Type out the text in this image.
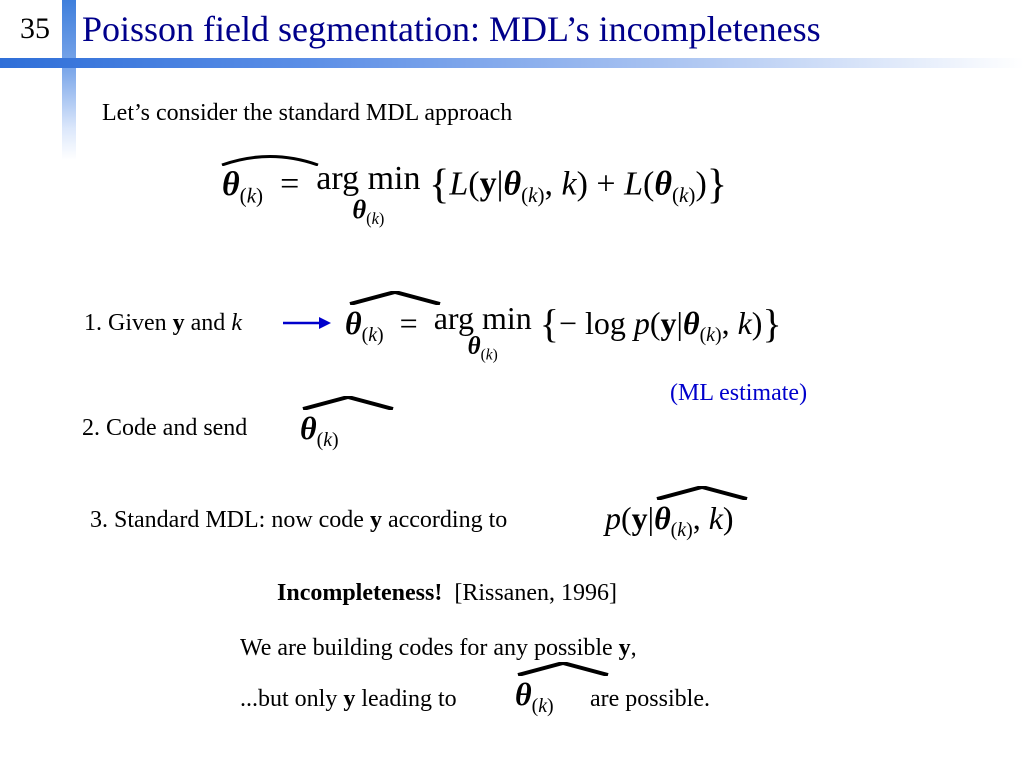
35 Poisson field segmentation: MDL’s incompleteness
Let’s consider the standard MDL approach
$\theta_{(k)}$  =  arg min
$\theta_{(k)}$
{$L(y|\theta_{(k)}$, $k) + L(\theta_{(k)})$}
1. Given y and k	$\theta_{(k)}$  =  arg min
$\theta_{(k)}$
{− $\log p(y|\theta_{(k)}$, k)}
(ML estimate)
2. Code and send $\theta_{(k)}$
3. Standard MDL: now code y according to	p(y|
$\theta_{(k)}$, k)
Incompleteness! [Rissanen, 1996]
We are building codes for any possible y,
...but only y leading to $\theta_{(k)}$ are possible.
